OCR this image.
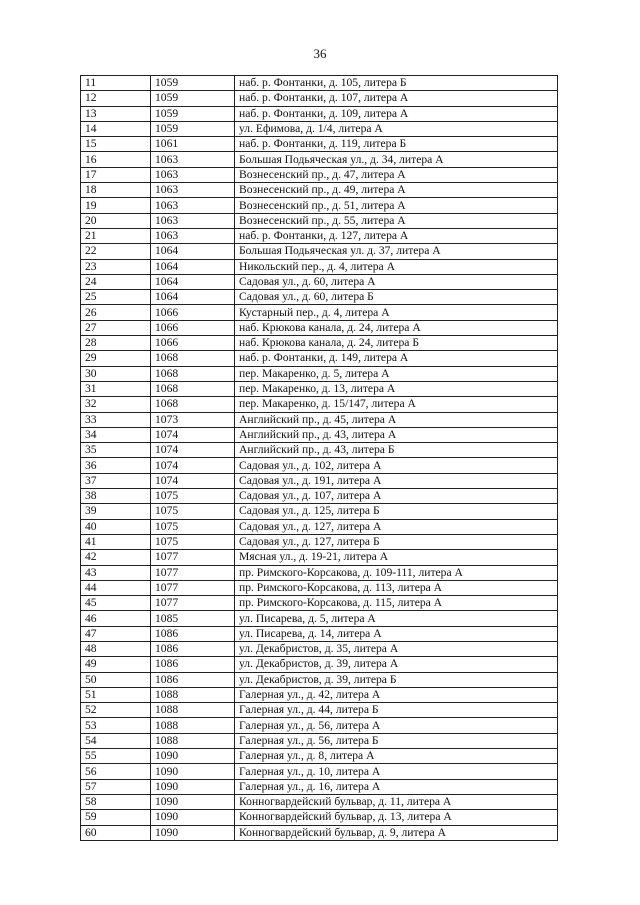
36
11	1059	наб. р. Фонтанки, д. 105, литера Б
12	1059	наб. р. Фонтанки, д. 107, литера А
13	1059	наб. р. Фонтанки, д. 109, литера А
14	1059	ул. Ефимова, д. 1/4, литера А
15	1061	наб. р. Фонтанки, д. 119, литера Б
16	1063	Большая Подьяческая ул., д. 34, литера А
17	1063	Вознесенский пр., д. 47, литера А
18	1063	Вознесенский пр., д. 49, литера А
19	1063	Вознесенский пр., д. 51, литера А
20	1063	Вознесенский пр., д. 55, литера А
21	1063	наб. р. Фонтанки, д. 127, литера А
22	1064	Большая Подьяческая ул. д. 37, литера А
23	1064	Никольский пер., д. 4, литера А
24	1064	Садовая ул., д. 60, литера А
25	1064	Садовая ул., д. 60, литера Б
26	1066	Кустарный пер., д. 4, литера А
27	1066	наб. Крюкова канала, д. 24, литера А
28	1066	наб. Крюкова канала, д. 24, литера Б
29	1068	наб. р. Фонтанки, д. 149, литера А
30	1068	пер. Макаренко, д. 5, литера А
31	1068	пер. Макаренко, д. 13, литера А
32	1068	пер. Макаренко, д. 15/147, литера А
33	1073	Английский пр., д. 45, литера А
34	1074	Английский пр., д. 43, литера А
35	1074	Английский пр., д. 43, литера Б
36	1074	Садовая ул., д. 102, литера А
37	1074	Садовая ул., д. 191, литера А
38	1075	Садовая ул., д. 107, литера А
39	1075	Садовая ул., д. 125, литера Б
40	1075	Садовая ул., д. 127, литера А
41	1075	Садовая ул., д. 127, литера Б
42	1077	Мясная ул., д. 19-21, литера А
43	1077	пр. Римского-Корсакова, д. 109-111, литера А
44	1077	пр. Римского-Корсакова, д. 113, литера А
45	1077	пр. Римского-Корсакова, д. 115, литера А
46	1085	ул. Писарева, д. 5, литера А
47	1086	ул. Писарева, д. 14, литера А
48	1086	ул. Декабристов, д. 35, литера А
49	1086	ул. Декабристов, д. 39, литера А
50	1086	ул. Декабристов, д. 39, литера Б
51	1088	Галерная ул., д. 42, литера А
52	1088	Галерная ул., д. 44, литера Б
53	1088	Галерная ул., д. 56, литера А
54	1088	Галерная ул., д. 56, литера Б
55	1090	Галерная ул., д. 8, литера А
56	1090	Галерная ул., д. 10, литера А
57	1090	Галерная ул., д. 16, литера А
58	1090	Конногвардейский бульвар, д. 11, литера А
59	1090	Конногвардейский бульвар, д. 13, литера А
60	1090	Конногвардейский бульвар, д. 9, литера А
